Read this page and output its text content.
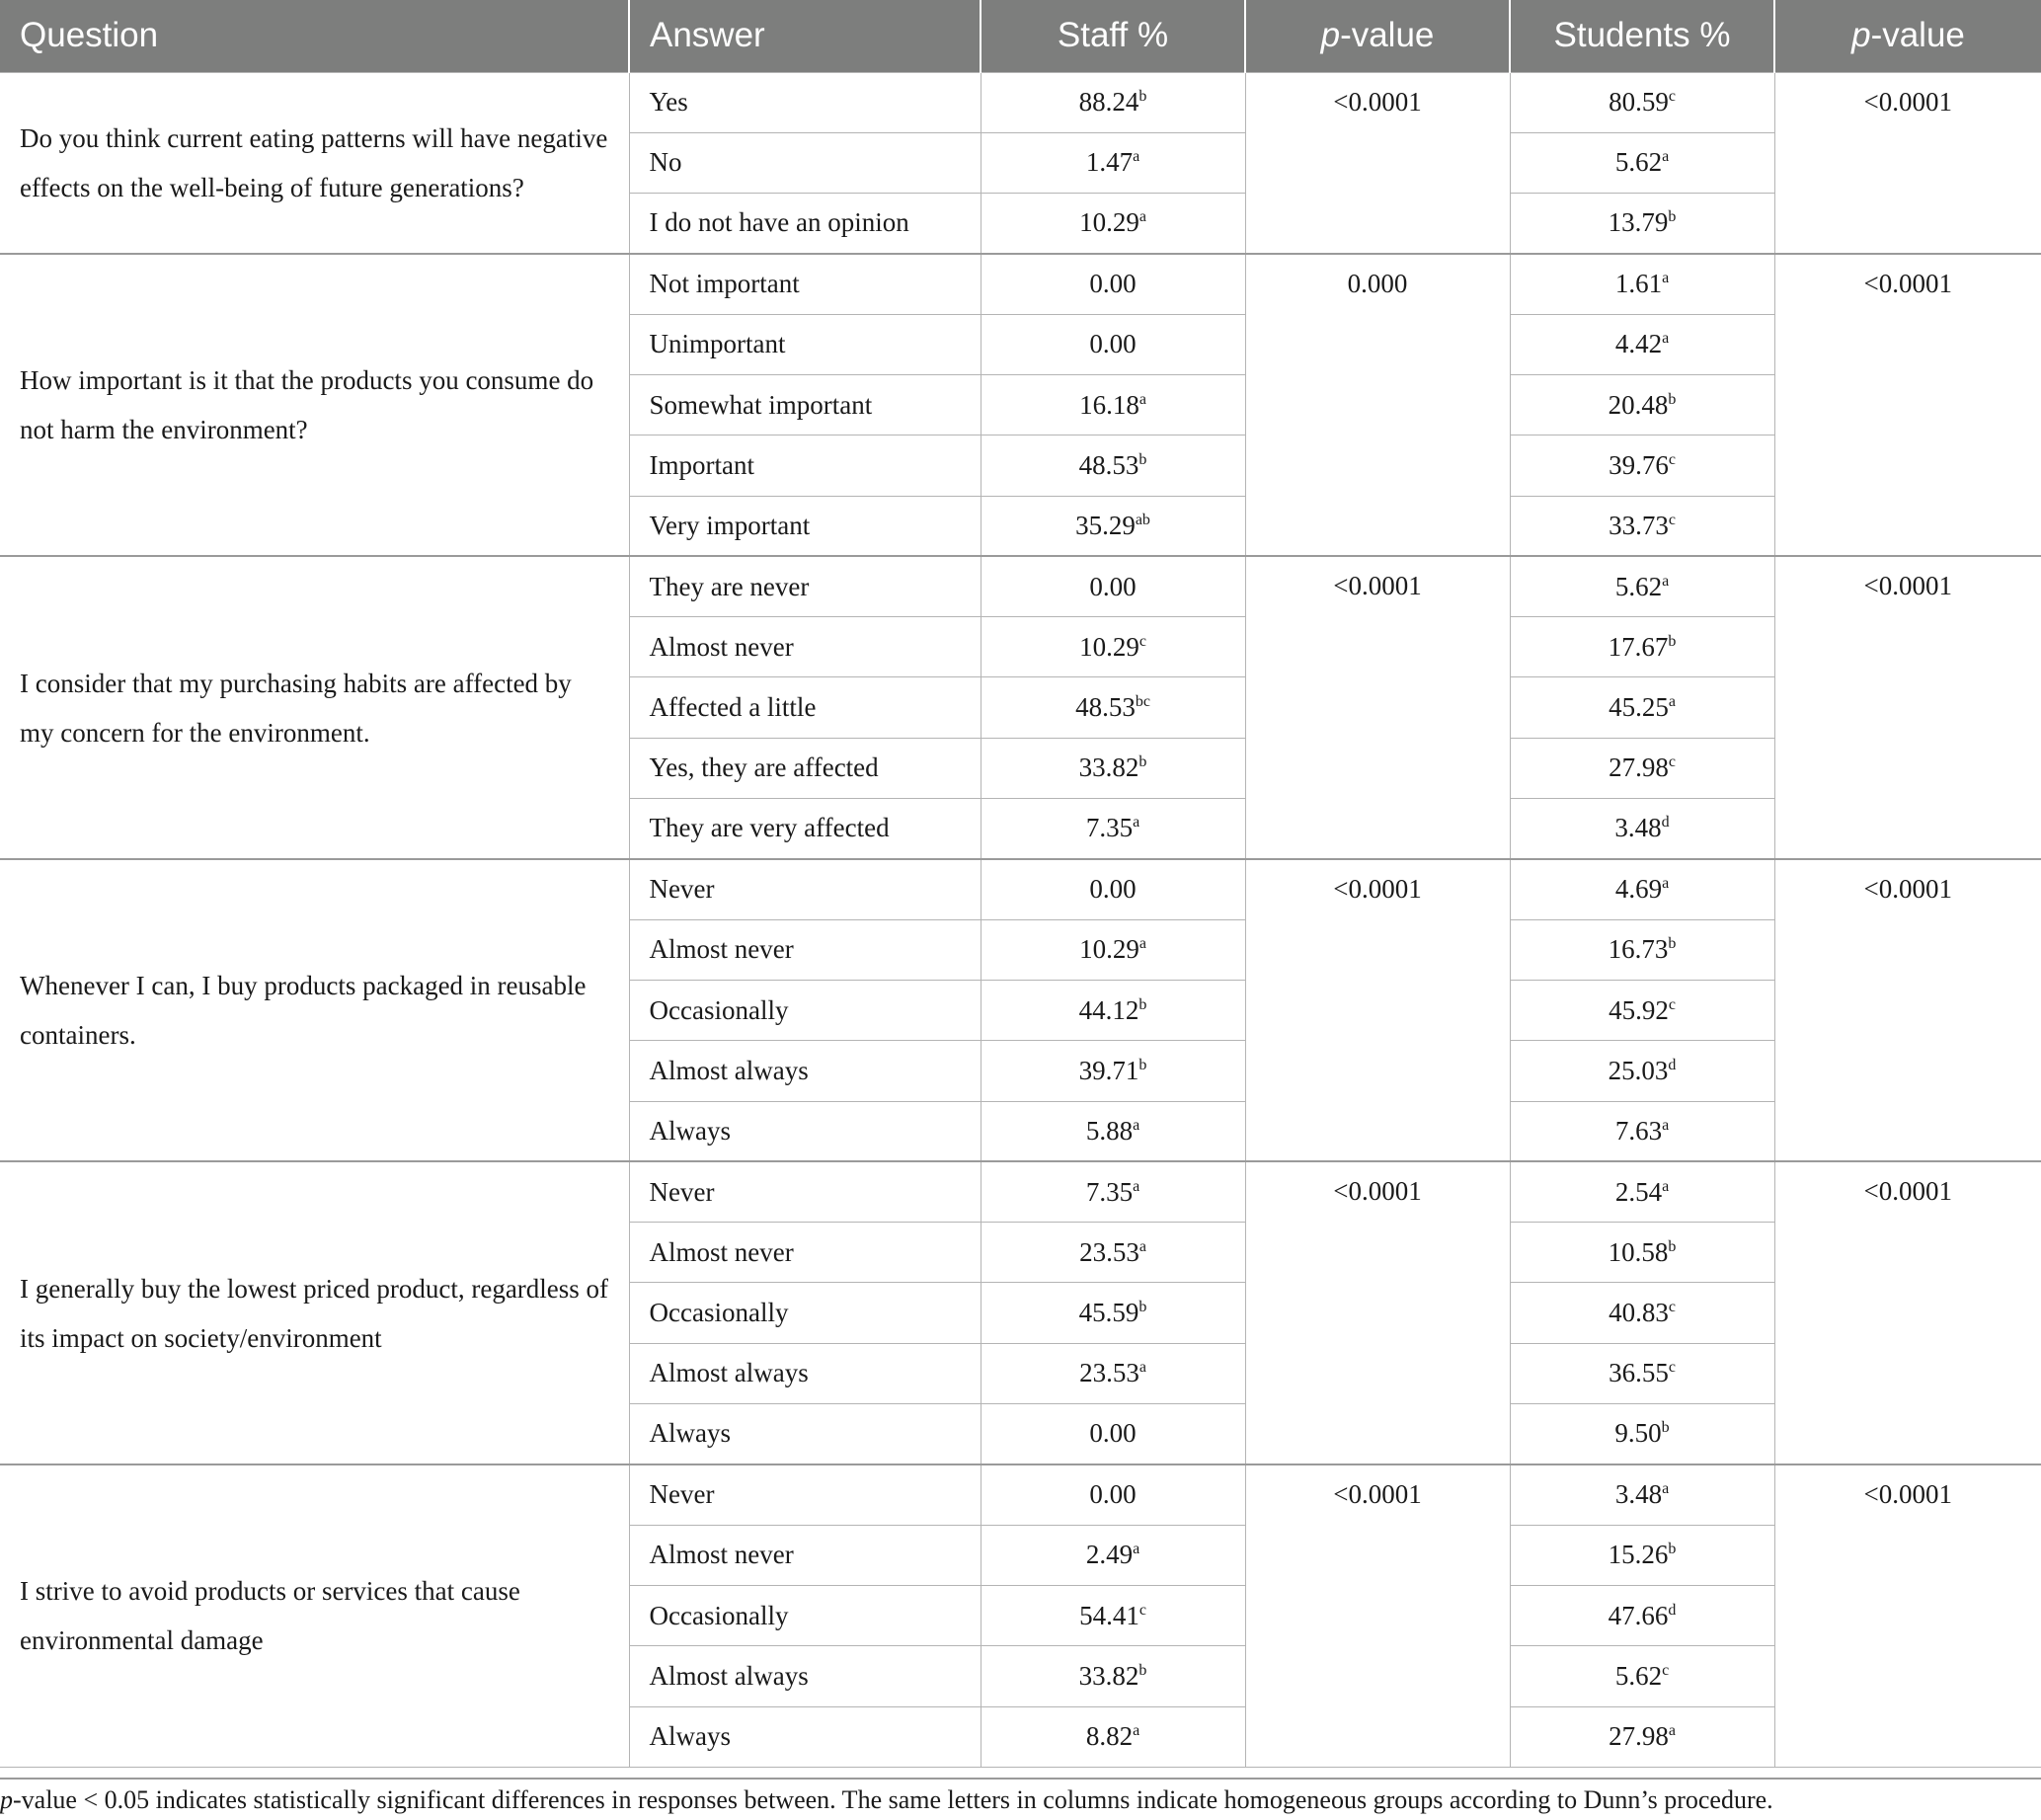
Question	Answer	Staff %	p-value	Students %	p-value
Do you think current eating patterns will have negative effects on the well-being of future generations?	Yes	88.24$^b$	<0.0001	80.59$^c$	<0.0001
	No	1.47$^a$		5.62$^a$
	I do not have an opinion	10.29$^a$		13.79$^b$
How important is it that the products you consume do not harm the environment?	Not important	0.00	0.000	1.61$^a$	<0.0001
	Unimportant	0.00		4.42$^a$
	Somewhat important	16.18$^a$		20.48$^b$
	Important	48.53$^b$		39.76$^c$
	Very important	35.29$^{ab}$		33.73$^c$
I consider that my purchasing habits are affected by my concern for the environment.	They are never	0.00	<0.0001	5.62$^a$	<0.0001
	Almost never	10.29$^c$		17.67$^b$
	Affected a little	48.53$^{bc}$		45.25$^a$
	Yes, they are affected	33.82$^b$		27.98$^c$
	They are very affected	7.35$^a$		3.48$^d$
Whenever I can, I buy products packaged in reusable containers.	Never	0.00	<0.0001	4.69$^a$	<0.0001
	Almost never	10.29$^a$		16.73$^b$
	Occasionally	44.12$^b$		45.92$^c$
	Almost always	39.71$^b$		25.03$^d$
	Always	5.88$^a$		7.63$^a$
I generally buy the lowest priced product, regardless of its impact on society/environment	Never	7.35$^a$	<0.0001	2.54$^a$	<0.0001
	Almost never	23.53$^a$		10.58$^b$
	Occasionally	45.59$^b$		40.83$^c$
	Almost always	23.53$^a$		36.55$^c$
	Always	0.00		9.50$^b$
I strive to avoid products or services that cause environmental damage	Never	0.00	<0.0001	3.48$^a$	<0.0001
	Almost never	2.49$^a$		15.26$^b$
	Occasionally	54.41$^c$		47.66$^d$
	Almost always	33.82$^b$		5.62$^c$
	Always	8.82$^a$		27.98$^a$

p-value < 0.05 indicates statistically significant differences in responses between. The same letters in columns indicate homogeneous groups according to Dunn’s procedure.
